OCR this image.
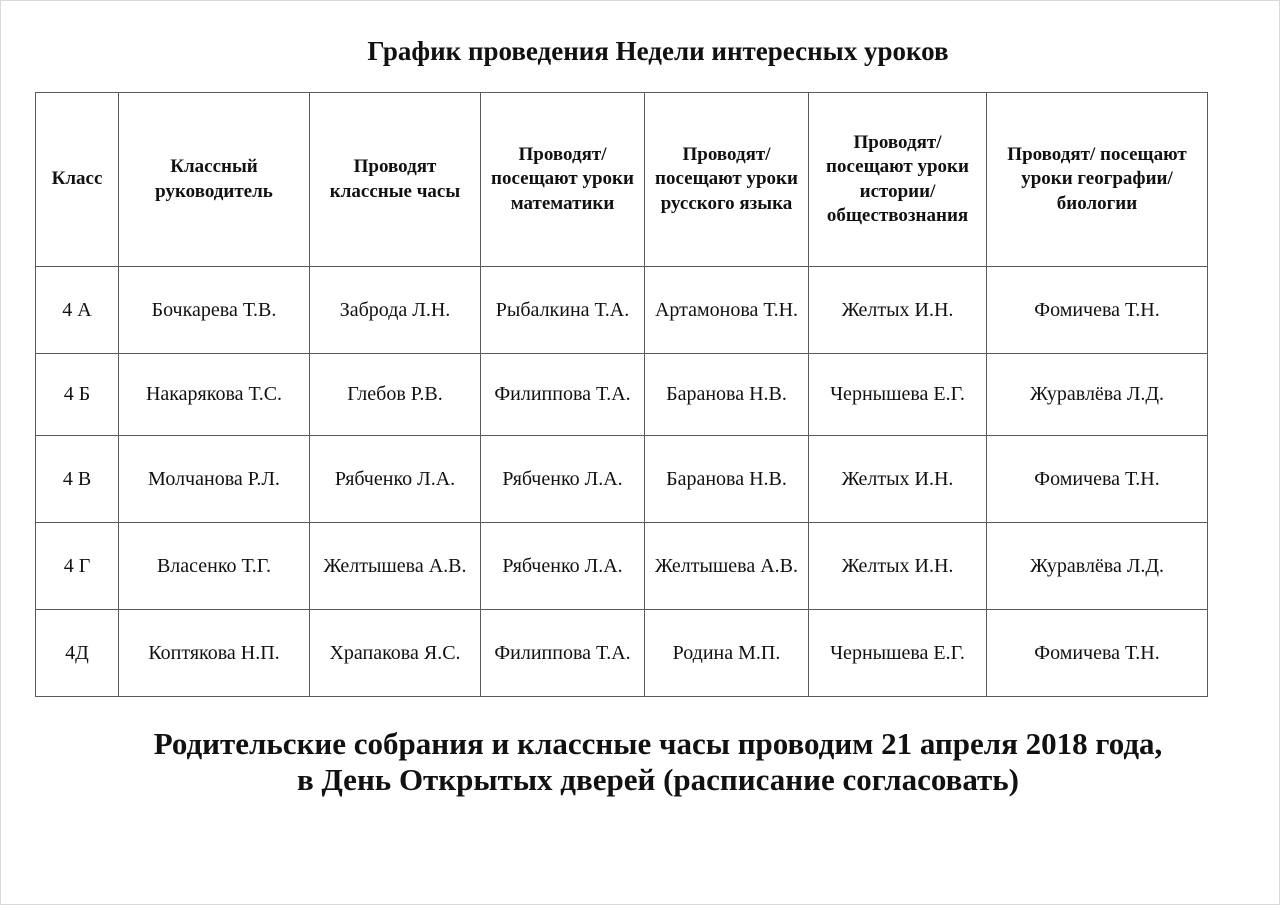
График проведения Недели интересных уроков
Класс	Классный руководитель	Проводят классные часы	Проводят/ посещают уроки математики	Проводят/ посещают уроки русского языка	Проводят/ посещают уроки истории/ обществознания	Проводят/ посещают уроки географии/ биологии
4 А	Бочкарева Т.В.	Заброда Л.Н.	Рыбалкина Т.А.	Артамонова Т.Н.	Желтых И.Н.	Фомичева Т.Н.
4 Б	Накарякова Т.С.	Глебов Р.В.	Филиппова Т.А.	Баранова Н.В.	Чернышева Е.Г.	Журавлёва Л.Д.
4 В	Молчанова Р.Л.	Рябченко Л.А.	Рябченко Л.А.	Баранова Н.В.	Желтых И.Н.	Фомичева Т.Н.
4 Г	Власенко Т.Г.	Желтышева А.В.	Рябченко Л.А.	Желтышева А.В.	Желтых И.Н.	Журавлёва Л.Д.
4Д	Коптякова Н.П.	Храпакова Я.С.	Филиппова Т.А.	Родина М.П.	Чернышева Е.Г.	Фомичева Т.Н.
Родительские собрания и классные часы проводим 21 апреля 2018 года,
в День Открытых дверей (расписание согласовать)
